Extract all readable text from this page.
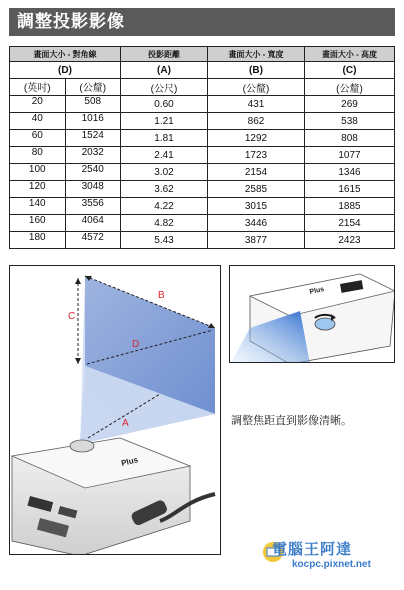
調整投影影像
畫面大小 - 對角線	投影距離	畫面大小 - 寬度	畫面大小 - 高度
(D)	(A)	(B)	(C)

(英吋) (公釐)	(公尺)	(公釐)	(公釐)

20 508	0.60	431	269

40 1016	1.21	862	538

60 1524	1.81	1292	808

80 2032	2.41	1723	1077

100 2540	3.02	2154	1346

120 3048	3.62	2585	1615

140 3556	4.22	3015	1885

160 4064	4.82	3446	2154

180 4572	5.43	3877	2423
B
C
D
A
Plus
Plus
調整焦距直到影像清晰。
電腦王阿達
kocpc.pixnet.net
